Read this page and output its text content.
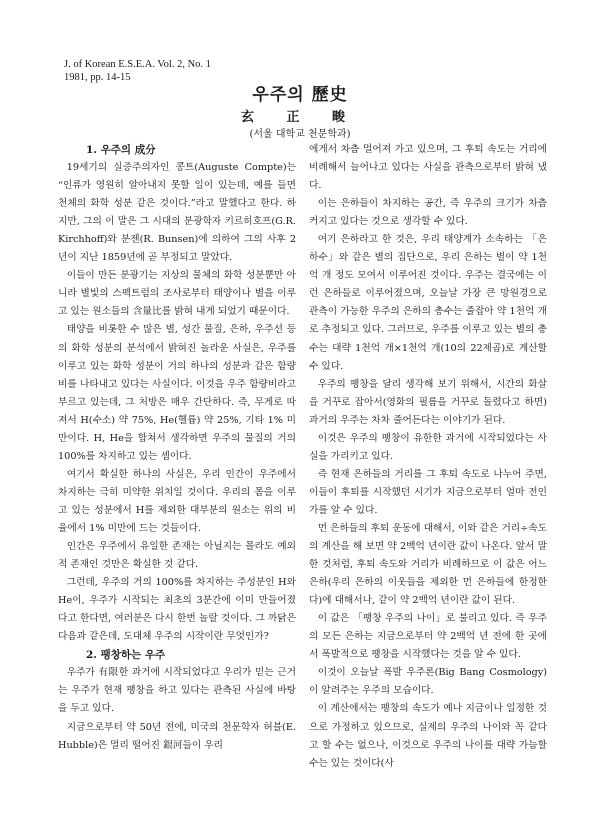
J. of Korean E.S.E.A. Vol. 2, No. 1
1981, pp. 14-15
우주의 歷史
玄 正 畯
(서울 대학교 천문학과)
1. 우주의 成分

19세기의 실증주의자인 콩트(Auguste Compte)는 “인류가 영원히 알아내지 못할 일이 있는데, 예를 들면 천체의 화학 성분 같은 것이다.”라고 말했다고 한다. 하지만, 그의 이 말은 그 시대의 분광학자 키르히호프(G.R. Kirchhoff)와 분젠(R. Bunsen)에 의하여 그의 사후 2년이 지난 1859년에 곧 부정되고 말았다.

이들이 만든 분광기는 지상의 물체의 화학 성분뿐만 아니라 별빛의 스펙트럼의 조사로부터 태양이나 별을 이루고 있는 원소들의 含量比를 밝혀 내게 되었기 때문이다.

태양을 비롯한 수 많은 별, 성간 물질, 은하, 우주선 등의 화학 성분의 분석에서 밝혀진 놀라운 사실은, 우주를 이루고 있는 화학 성분이 거의 하나의 성분과 같은 함량비를 나타내고 있다는 사실이다. 이것을 우주 함량비라고 부르고 있는데, 그 처방은 매우 간단하다. 즉, 무게로 따져서 H(수소) 약 75%, He(헬륨) 약 25%, 기타 1% 미만이다. H, He을 합쳐서 생각하면 우주의 물질의 거의 100%를 차지하고 있는 셈이다.

여기서 확실한 하나의 사실은, 우리 인간이 우주에서 차지하는 극히 미약한 위치일 것이다. 우리의 몸을 이루고 있는 성분에서 H를 제외한 대부분의 원소는 위의 비율에서 1% 미만에 드는 것들이다.

인간은 우주에서 유일한 존재는 아닐지는 몰라도 예외적 존재인 것만은 확실한 것 같다.

그런데, 우주의 거의 100%를 차지하는 주성분인 H와 He이, 우주가 시작되는 최초의 3분간에 이미 만들어졌다고 한다면, 여러분은 다시 한번 놀랄 것이다. 그 까닭은 다음과 같은데, 도대체 우주의 시작이란 무엇인가?

2. 팽창하는 우주

우주가 有限한 과거에 시작되었다고 우리가 믿는 근거는 우주가 현재 팽창을 하고 있다는 관측된 사실에 바탕을 두고 있다.

지금으로부터 약 50년 전에, 미국의 천문학자 허블(E. Hubble)은 멀리 떨어진 銀河들이 우리

에게서 차츰 멀어져 가고 있으며, 그 후퇴 속도는 거리에 비례해서 늘어나고 있다는 사실을 관측으로부터 밝혀 냈다.

이는 은하들이 차지하는 공간, 즉 우주의 크기가 차츰 커지고 있다는 것으로 생각할 수 있다.

여기 은하라고 한 것은, 우리 태양계가 소속하는 「은하수」와 같은 별의 집단으로, 우리 은하는 별이 약 1천억 개 정도 모여서 이루어진 것이다. 우주는 결국에는 이런 은하들로 이루어졌으며, 오늘날 가장 큰 망원경으로 관측이 가능한 우주의 은하의 총수는 줄잡아 약 1천억 개로 추정되고 있다. 그러므로, 우주를 이루고 있는 별의 총수는 대략 1천억 개×1천억 개(10의 22제곱)로 계산할 수 있다.

우주의 팽창을 달리 생각해 보기 위해서, 시간의 화살을 거꾸로 잡아서(영화의 필름을 거꾸로 돌렸다고 하면) 과거의 우주는 차차 줄어든다는 이야기가 된다.

이것은 우주의 팽창이 유한한 과거에 시작되었다는 사실을 가리키고 있다.

즉 현재 은하들의 거리를 그 후퇴 속도로 나누어 주면, 이들이 후퇴를 시작했던 시기가 지금으로부터 얼마 전인가를 알 수 있다.

먼 은하들의 후퇴 운동에 대해서, 이와 같은 거리÷속도의 계산을 해 보면 약 2백억 년이란 값이 나온다. 앞서 말한 것처럼, 후퇴 속도와 거리가 비례하므로 이 값은 어느 은하(우리 은하의 이웃들을 제외한 먼 은하들에 한정한다)에 대해서나, 같이 약 2백억 년이란 값이 된다.

이 값은 「팽창 우주의 나이」로 불리고 있다. 즉 우주의 모든 은하는 지금으로부터 약 2백억 년 전에 한 곳에서 폭발적으로 팽창을 시작했다는 것을 알 수 있다.

이것이 오늘날 폭발 우주론(Big Bang Cosmology)이 알려주는 우주의 모습이다.

이 계산에서는 팽창의 속도가 예나 지금이나 일정한 것으로 가정하고 있으므로, 실제의 우주의 나이와 꼭 같다고 할 수는 없으나, 이것으로 우주의 나이를 대략 가늠할 수는 있는 것이다(사
